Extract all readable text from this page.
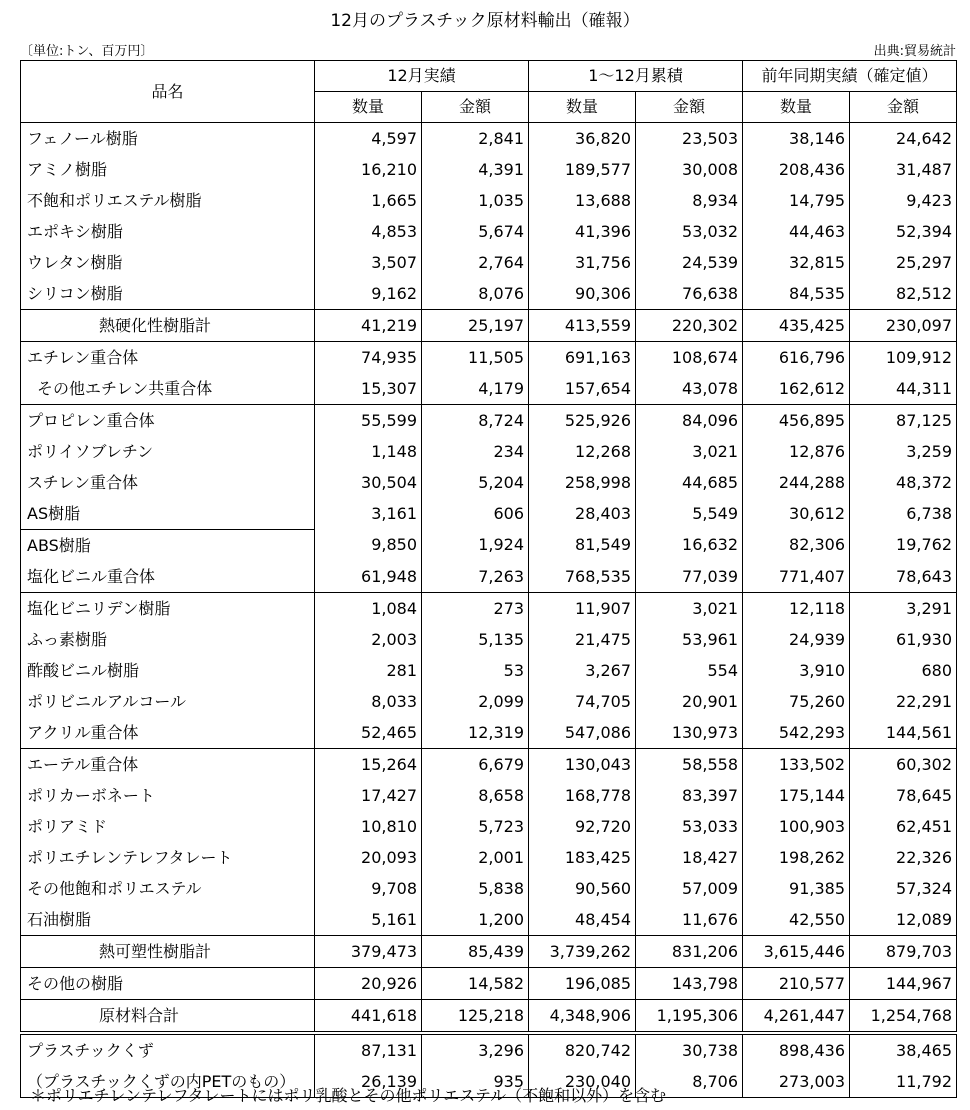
12月のプラスチック原材料輸出（確報）
〔単位:トン、百万円〕	出典:貿易統計
品名	12月実績		1～12月累積		前年同期実績（確定値）	
	数量	金額	数量	金額	数量	金額
フェノール樹脂	4,597	2,841	36,820	23,503	38,146	24,642
アミノ樹脂	16,210	4,391	189,577	30,008	208,436	31,487
不飽和ポリエステル樹脂	1,665	1,035	13,688	8,934	14,795	9,423
エポキシ樹脂	4,853	5,674	41,396	53,032	44,463	52,394
ウレタン樹脂	3,507	2,764	31,756	24,539	32,815	25,297
シリコン樹脂	9,162	8,076	90,306	76,638	84,535	82,512
熱硬化性樹脂計	41,219	25,197	413,559	220,302	435,425	230,097
エチレン重合体	74,935	11,505	691,163	108,674	616,796	109,912
その他エチレン共重合体	15,307	4,179	157,654	43,078	162,612	44,311
プロピレン重合体	55,599	8,724	525,926	84,096	456,895	87,125
ポリイソブレチン	1,148	234	12,268	3,021	12,876	3,259
スチレン重合体	30,504	5,204	258,998	44,685	244,288	48,372
AS樹脂	3,161	606	28,403	5,549	30,612	6,738
ABS樹脂	9,850	1,924	81,549	16,632	82,306	19,762
塩化ビニル重合体	61,948	7,263	768,535	77,039	771,407	78,643
塩化ビニリデン樹脂	1,084	273	11,907	3,021	12,118	3,291
ふっ素樹脂	2,003	5,135	21,475	53,961	24,939	61,930
酢酸ビニル樹脂	281	53	3,267	554	3,910	680
ポリビニルアルコール	8,033	2,099	74,705	20,901	75,260	22,291
アクリル重合体	52,465	12,319	547,086	130,973	542,293	144,561
エーテル重合体	15,264	6,679	130,043	58,558	133,502	60,302
ポリカーボネート	17,427	8,658	168,778	83,397	175,144	78,645
ポリアミド	10,810	5,723	92,720	53,033	100,903	62,451
ポリエチレンテレフタレート	20,093	2,001	183,425	18,427	198,262	22,326
その他飽和ポリエステル	9,708	5,838	90,560	57,009	91,385	57,324
石油樹脂	5,161	1,200	48,454	11,676	42,550	12,089
熱可塑性樹脂計	379,473	85,439	3,739,262	831,206	3,615,446	879,703
その他の樹脂	20,926	14,582	196,085	143,798	210,577	144,967
原材料合計	441,618	125,218	4,348,906	1,195,306	4,261,447	1,254,768
プラスチックくず	87,131	3,296	820,742	30,738	898,436	38,465
（プラスチックくずの内PETのもの）	26,139	935	230,040	8,706	273,003	11,792
＊ポリエチレンテレフタレートにはポリ乳酸とその他ポリエステル（不飽和以外）を含む
